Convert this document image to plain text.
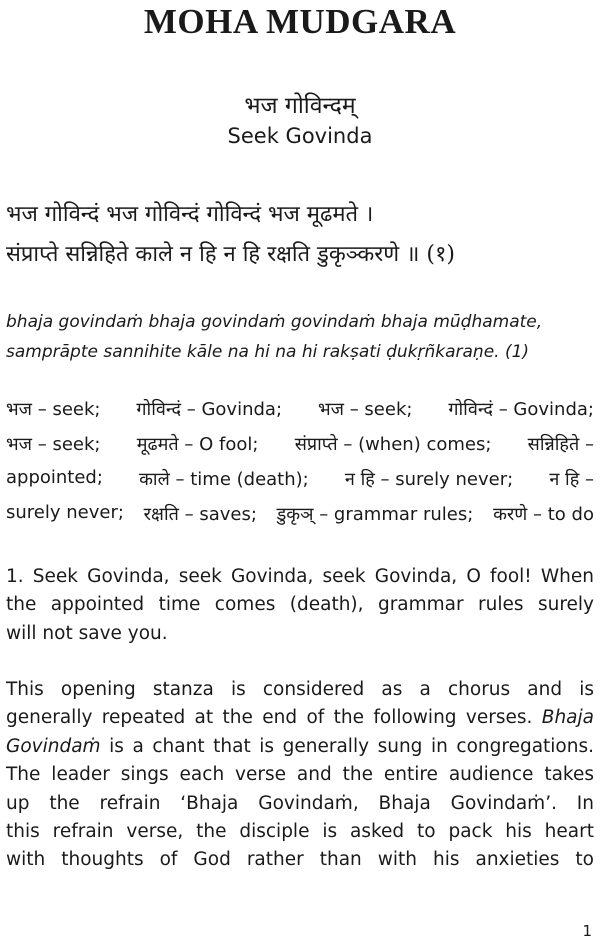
MOHA MUDGARA
भज गोविन्दम्
Seek Govinda
भज गोविन्दं भज गोविन्दं गोविन्दं भज मूढमते ।
संप्राप्ते सन्निहिते काले न हि न हि रक्षति डुकृञ्करणे ॥ (१)
bhaja govindaṁ bhaja govindaṁ govindaṁ bhaja mūḍhamate,
samprāpte sannihite kāle na hi na hi rakṣati ḍukṛñkaraṇe. (1)
भज – seek; गोविन्दं – Govinda; भज – seek; गोविन्दं – Govinda;
भज – seek; मूढमते – O fool; संप्राप्ते – (when) comes; सन्निहिते –
appointed; काले – time (death); न हि – surely never; न हि –
surely never; रक्षति – saves; डुकृञ् – grammar rules; करणे – to do
1. Seek Govinda, seek Govinda, seek Govinda, O fool! When
the appointed time comes (death), grammar rules surely
will not save you.
This opening stanza is considered as a chorus and is
generally repeated at the end of the following verses. Bhaja
Govindaṁ is a chant that is generally sung in congregations.
The leader sings each verse and the entire audience takes
up the refrain ‘Bhaja Govindaṁ, Bhaja Govindaṁ’. In
this refrain verse, the disciple is asked to pack his heart
with thoughts of God rather than with his anxieties to
1
